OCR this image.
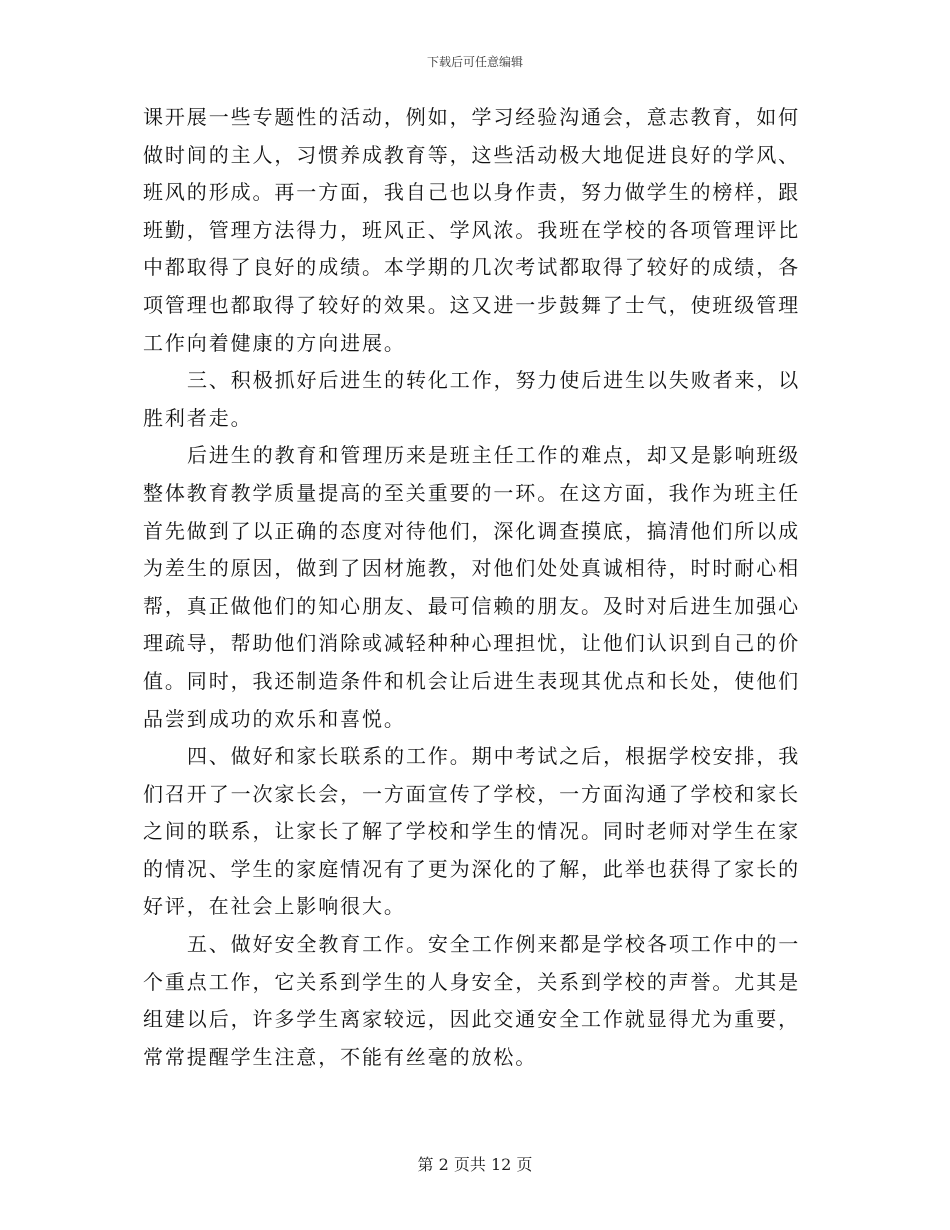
下载后可任意编辑
课开展一些专题性的活动，例如，学习经验沟通会，意志教育，如何
做时间的主人，习惯养成教育等，这些活动极大地促进良好的学风、
班风的形成。再一方面，我自己也以身作责，努力做学生的榜样，跟
班勤，管理方法得力，班风正、学风浓。我班在学校的各项管理评比
中都取得了良好的成绩。本学期的几次考试都取得了较好的成绩，各
项管理也都取得了较好的效果。这又进一步鼓舞了士气，使班级管理
工作向着健康的方向进展。
三、积极抓好后进生的转化工作，努力使后进生以失败者来，以
胜利者走。
后进生的教育和管理历来是班主任工作的难点，却又是影响班级
整体教育教学质量提高的至关重要的一环。在这方面，我作为班主任
首先做到了以正确的态度对待他们，深化调查摸底，搞清他们所以成
为差生的原因，做到了因材施教，对他们处处真诚相待，时时耐心相
帮，真正做他们的知心朋友、最可信赖的朋友。及时对后进生加强心
理疏导，帮助他们消除或减轻种种心理担忧，让他们认识到自己的价
值。同时，我还制造条件和机会让后进生表现其优点和长处，使他们
品尝到成功的欢乐和喜悦。
四、做好和家长联系的工作。期中考试之后，根据学校安排，我
们召开了一次家长会，一方面宣传了学校，一方面沟通了学校和家长
之间的联系，让家长了解了学校和学生的情况。同时老师对学生在家
的情况、学生的家庭情况有了更为深化的了解，此举也获得了家长的
好评，在社会上影响很大。
五、做好安全教育工作。安全工作例来都是学校各项工作中的一
个重点工作，它关系到学生的人身安全，关系到学校的声誉。尤其是
组建以后，许多学生离家较远，因此交通安全工作就显得尤为重要，
常常提醒学生注意，不能有丝毫的放松。
第 2 页共 12 页
